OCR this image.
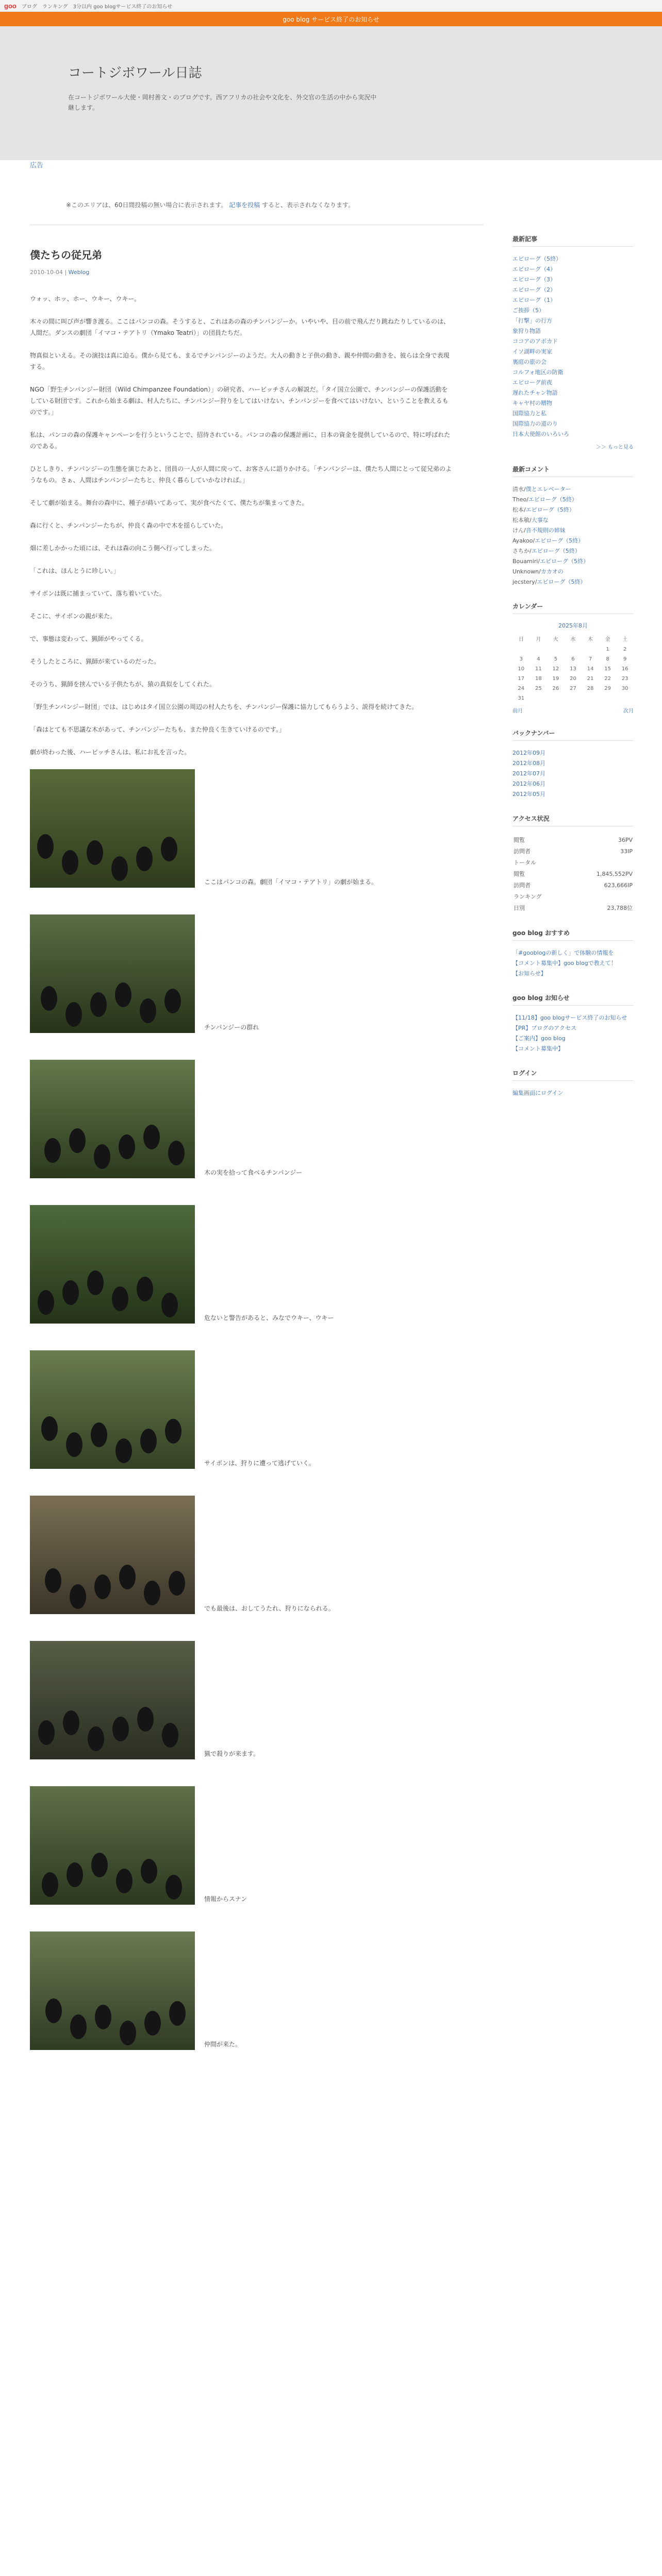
goo ブログ ランキング 3分以内 goo blogサービス終了のお知らせ
goo blog サービス終了のお知らせ
コートジボワール日誌
在コートジボワール大使・岡村善文・のブログです。西アフリカの社会や文化を、外交官の生活の中から実況中継します。
広告
※このエリアは、60日間投稿の無い場合に表示されます。 記事を投稿 すると、表示されなくなります。
僕たちの従兄弟
2010-10-04 | Weblog

ウォッ、ホッ、ホー、ウキー、ウキー。

木々の間に叫び声が響き渡る。ここはパンコの森。そうすると、これはあの森のチンパンジーか。いやいや、目の前で飛んだり跳ねたりしているのは、人間だ。ダンスの劇団「イマコ・テアトリ（Ymako Teatri）」の団員たちだ。

物真似といえる。その演技は真に迫る。僕から見ても、まるでチンパンジーのようだ。大人の動きと子供の動き、親や仲間の動きを、彼らは全身で表現する。

NGO「野生チンパンジー財団（Wild Chimpanzee Foundation）」の研究者、ハービッチさんの解説だ。「タイ国立公園で、チンパンジーの保護活動をしている財団です。これから始まる劇は、村人たちに、チンパンジー狩りをしてはいけない、チンパンジーを食べてはいけない、ということを教えるものです。」

私は、パンコの森の保護キャンペーンを行うということで、招待されている。パンコの森の保護計画に、日本の資金を提供しているので、特に呼ばれたのである。

ひとしきり、チンパンジーの生態を演じたあと、団員の一人が人間に戻って、お客さんに語りかける。「チンパンジーは、僕たち人間にとって従兄弟のようなもの。さぁ、人間はチンパンジーたちと、仲良く暮らしていかなければ。」

そして劇が始まる。舞台の森中に、種子が蒔いてあって、実が食べたくて、僕たちが集まってきた。

森に行くと、チンパンジーたちが、仲良く森の中で木を揺らしていた。

畑に差しかかった頃には、それは森の向こう側へ行ってしまった。

「これは、ほんとうに珍しい。」

サイボンは既に捕まっていて、落ち着いていた。

そこに、サイボンの親が来た。

で、事態は変わって、猟師がやってくる。

そうしたところに、猟師が来ているのだった。

そのうち、猟師を挟んでいる子供たちが、猿の真似をしてくれた。

「野生チンパンジー財団」では、はじめはタイ国立公園の周辺の村人たちを、チンパンジー保護に協力してもらうよう、説得を続けてきた。

「森はとても不思議な木があって、チンパンジーたちも、また仲良く生きていけるのです。」

劇が終わった後、ハービッチさんは、私にお礼を言った。

ここはパンコの森。劇団「イマコ・テアトリ」の劇が始まる。
チンパンジーの群れ
木の実を拾って食べるチンパンジー
危ないと警告があると、みなでウキー、ウキー
サイボンは、狩りに遭って逃げていく。
でも最後は、おしてうたれ、狩りになられる。
猟で殺りが来ます。
情報からスナン
仲間が来た。
最新記事
エピローグ（5終）
エピローグ（4）
エピローグ（3）
エピローグ（2）
エピローグ（1）
ご挨拶（5）
「打撃」の行方
象狩り物語
ココアのアボカド
イソ湖畔の実家
裏庭の旅の会
コルフォ地区の防衛
エピローグ前夜
遅れたチャン物語
キャヤ村の贈物
国際協力と私
国際協力の道のり
日本大使館のいろいろ
＞＞ もっと見る
最新コメント
清水/僕とエレベーター
Theo/エピローグ（5終）
松本/エピローグ（5終）
松本敏/大事な
けん/音不規則の姉妹
Ayakoo/エピローグ（5終）
さちか/エピローグ（5終）
Bouamiri/エピローグ（5終）
Unknown/カカオの
jecstery/エピローグ（5終）
カレンダー
2025年8月
日	月	火	水	木	金	土
					1	2
3	4	5	6	7	8	9
10	11	12	13	14	15	16
17	18	19	20	21	22	23
24	25	26	27	28	29	30
31						
前月	次月
バックナンバー
2012年09月
2012年08月
2012年07月
2012年06月
2012年05月
アクセス状況
閲覧	36PV
訪問者	33IP
トータル	
閲覧	1,845,552PV
訪問者	623,666IP
ランキング	
日別	23,788位
goo blog おすすめ
「#gooblogの新しく」で体験の情報を
【コメント募集中】goo blogで教えて！
【お知らせ】
goo blog お知らせ
【11/18】goo blogサービス終了のお知らせ
【PR】ブログのアクセス
【ご案内】goo blog
【コメント募集中】
ログイン
編集画面にログイン
